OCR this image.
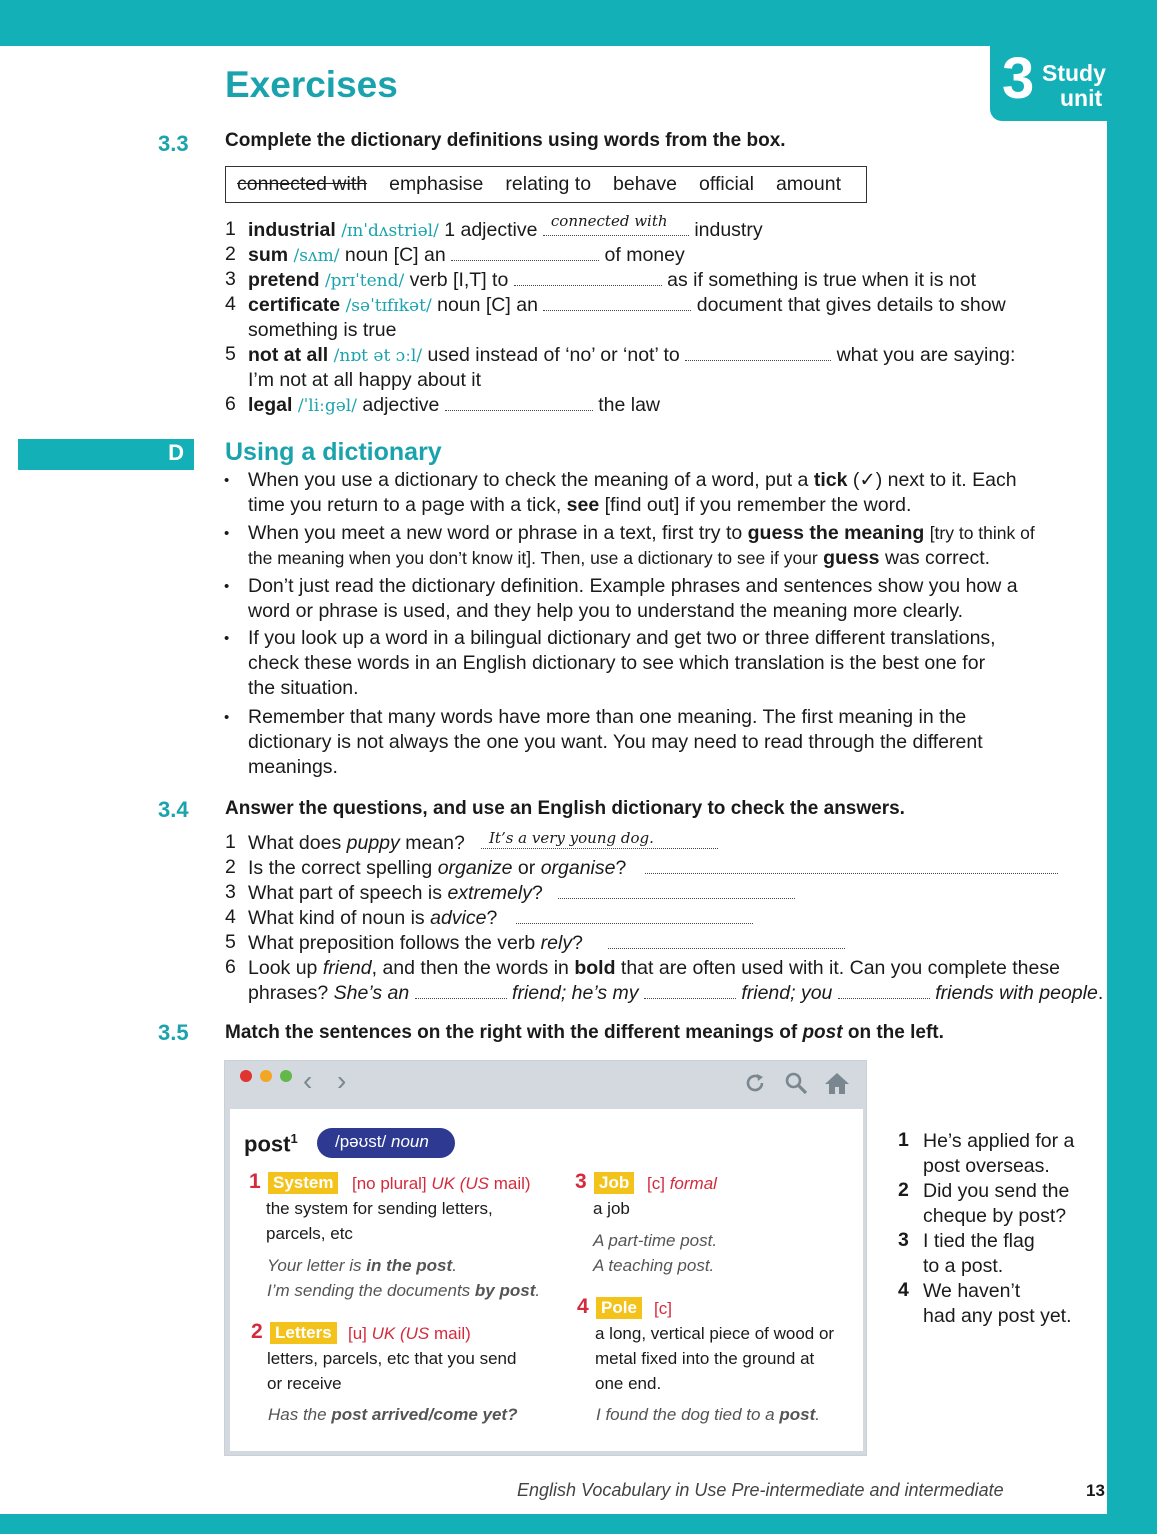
3 Study
unit
Exercises
3.3 Complete the dictionary definitions using words from the box.
connected with emphasise relating to behave official amount
1 industrial /ɪnˈdʌstriəl/ 1 adjective connected with industry
2 sum /sʌm/ noun [C] an	of money
3 pretend /prɪˈtend/ verb [I,T] to	as if something is true when it is not
4 certificate /səˈtɪfɪkət/ noun [C] an	document that gives details to show
something is true
5 not at all /nɒt ət ɔːl/ used instead of ‘no’ or ‘not’ to	what you are saying:
I’m not at all happy about it
6 legal /ˈliːgəl/ adjective	the law
D	Using a dictionary
• When you use a dictionary to check the meaning of a word, put a tick (✓) next to it. Each
time you return to a page with a tick, see [find out] if you remember the word.
• When you meet a new word or phrase in a text, first try to guess the meaning [try to think of
the meaning when you don’t know it]. Then, use a dictionary to see if your guess was correct.
• Don’t just read the dictionary definition. Example phrases and sentences show you how a
word or phrase is used, and they help you to understand the meaning more clearly.
• If you look up a word in a bilingual dictionary and get two or three different translations,
check these words in an English dictionary to see which translation is the best one for
the situation.
• Remember that many words have more than one meaning. The first meaning in the
dictionary is not always the one you want. You may need to read through the different
meanings.
3.4 Answer the questions, and use an English dictionary to check the answers.
1 What does puppy mean? It’s a very young dog.
2 Is the correct spelling organize or organise?
3 What part of speech is extremely?
4 What kind of noun is advice?
5 What preposition follows the verb rely?
6 Look up friend, and then the words in bold that are often used with it. Can you complete these
phrases? She’s an	friend; he’s my	friend; you	friends with people.
3.5 Match the sentences on the right with the different meanings of post on the left.
‹ ›
post$^1$	/pəʊst/ noun
1 System [no plural] UK (US mail)
the system for sending letters,
parcels, etc
Your letter is in the post.
I’m sending the documents by post.
2 Letters [u] UK (US mail)
letters, parcels, etc that you send
or receive
Has the post arrived/come yet?
3 Job [c] formal
a job
A part-time post.
A teaching post.
4 Pole [c]
a long, vertical piece of wood or
metal fixed into the ground at
one end.
I found the dog tied to a post.
1 He’s applied for a
post overseas.
2 Did you send the
cheque by post?
3 I tied the flag
to a post.
4 We haven’t
had any post yet.
English Vocabulary in Use Pre-intermediate and intermediate	13
